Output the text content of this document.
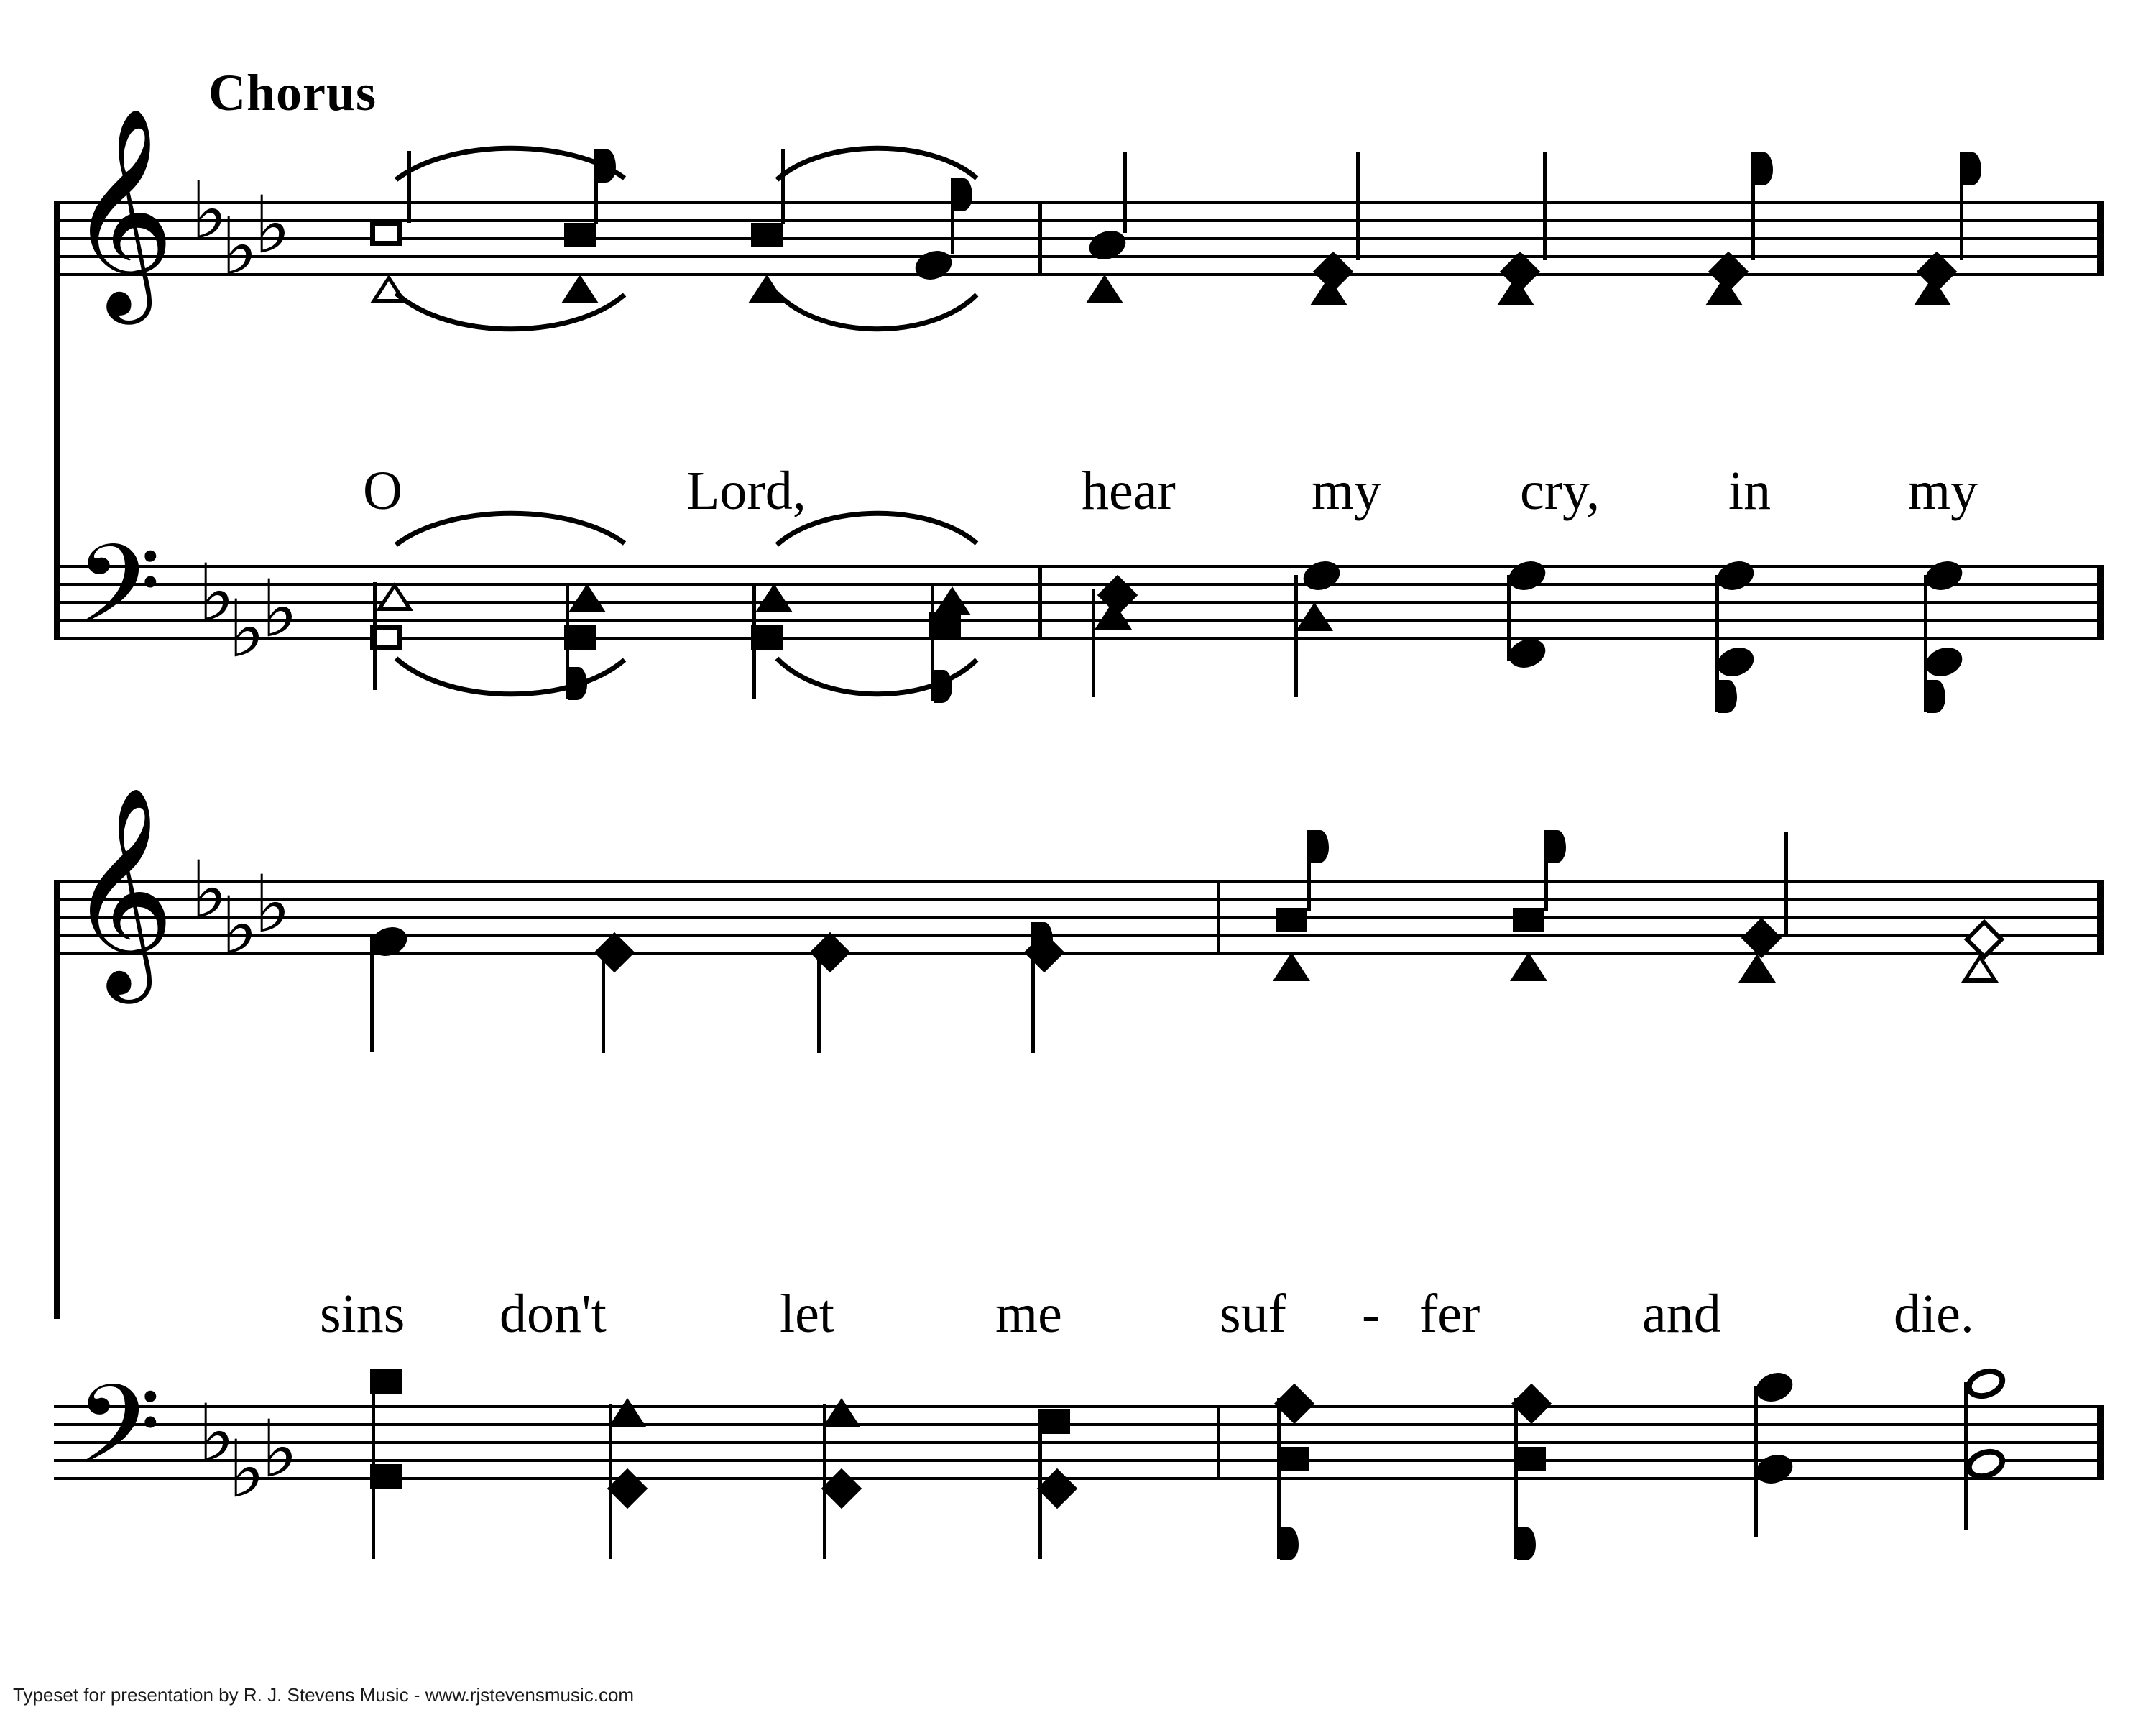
Chorus
𝄞 ♭
♭
♭
O	Lord,	hear my	cry, in	my
𝄢 ♭
♭
♭
𝄞 ♭
♭
♭
sins don't	let	me	suf - fer	and	die.
𝄢 ♭
♭
♭
Typeset for presentation by R. J. Stevens Music - www.rjstevensmusic.com
